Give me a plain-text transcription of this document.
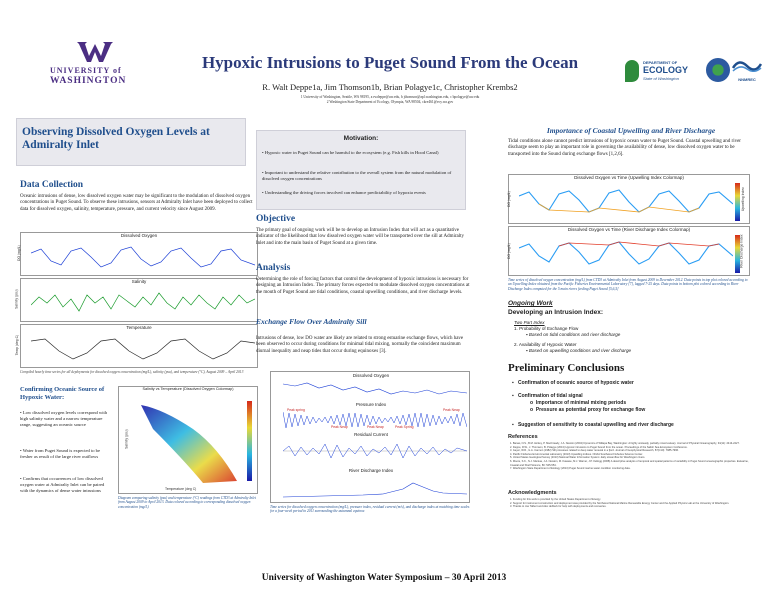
UNIVERSITY of
WASHINGTON
Hypoxic Intrusions to Puget Sound From the Ocean
R. Walt Deppe1a, Jim Thomson1b, Brian Polagye1c, Christopher Krembs2
1 University of Washington, Seattle, WA 98195, a rwdeppe@uw.edu, b jthomson@apl.washington.edu, c bpolagye@uw.edu
2 Washington State Department of Ecology, Olympia, WA 98504, ckre461@ecy.wa.gov
DEPARTMENT OF
ECOLOGY
State of Washington	NNMREC
Observing Dissolved Oxygen Levels at Admiralty Inlet
Data Collection
Oceanic intrusions of dense, low dissolved oxygen water may be significant to the modulation of dissolved oxygen concentrations in Puget Sound. To observe these intrusions, sensors at Admiralty Inlet have been deployed to collect data for dissolved oxygen, salinity, temperature, pressure, and current velocity since August 2009.
Dissolved Oxygen
DO (mg/L)
Salinity
Salinity (psu)
Temperature
Temp (deg C)
Compiled hourly time series for all deployments for dissolved oxygen concentration (mg/L), salinity (psu), and temperature (°C), August 2009 – April 2013
Confirming Oceanic Source of Hypoxic Water:
• Low dissolved oxygen levels correspond with high salinity water and a narrow temperature range, suggesting an oceanic source
• Water from Puget Sound is expected to be fresher as result of the large river outflows
• Confirms that occurrences of low dissolved oxygen water at Admiralty Inlet can be paired with the dynamics of dense water intrusions
Salinity vs Temperature (Dissolved Oxygen Colormap)
Salinity (psu)
Temperature (deg C)
Diagram comparing salinity (psu) and temperature (°C) readings from CTD3 at Admiralty Inlet from August 2009 to April 2013. Data colored according to corresponding dissolved oxygen concentration (mg/L)
Motivation:
• Hypoxic water in Puget Sound can be harmful to the ecosystem (e.g. Fish kills in Hood Canal)
• Important to understand the relative contribution to the overall system from the natural modulation of dissolved oxygen concentrations
• Understanding the driving forces involved can enhance predictability of hypoxia events
Objective
The primary goal of ongoing work will be to develop an Intrusion Index that will act as a quantitative indicator of the likelihood that low dissolved oxygen water will be transported over the sill at Admiralty Inlet and into the main basin of Puget Sound at a given time.
Analysis
Determining the role of forcing factors that control the development of hypoxic intrusions is necessary for designing an Intrusion Index. The primary forces expected to modulate dissolved oxygen concentrations at the mouth of Puget Sound are tidal conditions, coastal upwelling conditions, and river discharge levels.
Exchange Flow Over Admiralty Sill
Intrusions of dense, low DO water are likely are related to strong estuarine exchange flows, which have been observed to occur during conditions for minimal tidal mixing, normally the coincident maximum diurnal inequality and neap tides that occur during equinoxes [3].
Dissolved Oxygen
Pressure Index
Peak spring
Peak Neap	Peak Neap	Peak Spring
Peak Neap
Residual Current
River Discharge Index
Time series for dissolved oxygen concentration (mg/L), pressure index, residual current (m/s), and discharge index at matching time scales for a four-week period in 2011 surrounding the autumnal equinox
Importance of Coastal Upwelling and River Discharge
Tidal conditions alone cannot predict intrusions of hypoxic ocean water to Puget Sound. Coastal upwelling and river discharge seem to play an important role in governing the availability of dense, low dissolved oxygen water to be transported into the Sound during exchange flows [1,2,6].
Dissolved Oxygen vs Time (Upwelling Index Colormap)
DO (mg/L)	Upwelling Index
Dissolved Oxygen vs Time (River Discharge Index Colormap)
DO (mg/L)	River Discharge Index
Time series of dissolved oxygen concentration (mg/L) from CTD3 at Admiralty Inlet from August 2009 to December 2012. Data points in top plot colored according to an Upwelling Index obtained from the Pacific Fisheries Environmental Laboratory [7], lagged 7-25 days. Data points in bottom plot colored according to River Discharge Index computed for the 5 main rivers feeding Puget Sound [5,6,5]
Ongoing Work
Developing an Intrusion Index:
Two Part Index
1. Probability of Exchange Flow
▪ Based on tidal conditions and river discharge
2. Availability of Hypoxic Water
▪ Based on upwelling conditions and river discharge
Preliminary Conclusions
▪   Confirmation of oceanic source of hypoxic water
▪   Confirmation of tidal signal
o  Importance of minimal mixing periods
o  Pressure as potential proxy for exchange flow
▪   Suggestion of sensitivity to coastal upwelling and river discharge
References
1. Banas, N.S., B.M. Hickey, P. MacCready, J.A. Newton (2004) Dynamics of Willapa Bay, Washington: A highly unsteady, partially mixed estuary. Journal of Physical Oceanography, 34(11): 2413-2427.
2. Deppe, R.W., J. Thomson, B. Polagye (2013) Hypoxic intrusions to Puget Sound from the ocean. Proceedings of the Salish Sea Ecosystem Conference.
3. Geyer, W.R., G.A. Cannon (1982) Sill processes related to deep water renewal in a fjord. Journal of Geophysical Research, 87(C10): 7985-7996.
4. Pacific Fisheries Environmental Laboratory (2013) Upwelling indices. NOAA Southwest Fisheries Science Center.
5. United States Geological Survey (2013) National Water Information System: daily streamflow for Washington rivers.
6. Moore, S.K., N.J. Mantua, J.A. Newton, M. Kawase, M.J. Warner, J.P. Kellogg (2008) A descriptive analysis of temporal and spatial patterns of variability in Puget Sound oceanographic properties. Estuarine, Coastal and Shelf Science, 80: 545-554.
7. Washington State Department of Ecology (2013) Puget Sound marine water condition monitoring data.
Acknowledgments
1. Funding for this work is provided by the United States Department of Energy.
2. Support for instrument construction and deployment was provided by the Northwest National Marine Renewable Energy Center and the Applied Physics Lab at the University of Washington.
3. Thanks to Joe Talbert and Alex deKlerk for help with deployments and recoveries.
University of Washington Water Symposium – 30 April 2013
